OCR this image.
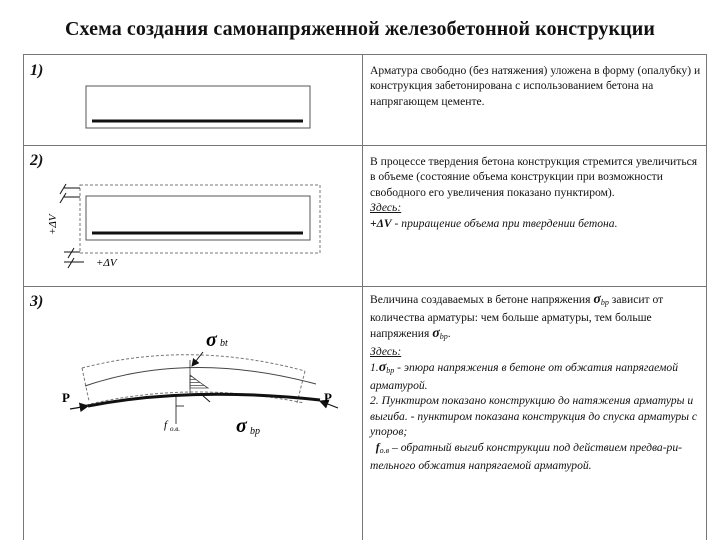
Схема создания самонапряженной железобетонной конструкции
1)	Арматура свободно (без натяжения) уложена в форму (опалубку) и конструкция забетонирована с использованием бетона на напрягающем цементе.
2)	В процессе твердения бетона конструкция стремится увеличиться в объеме (состояние объема конструкции при возможности свободного его увеличения показано пунктиром).

Здесь:

+ΔV - приращение объема при твердении бетона.

3)	Величина создаваемых в бетоне напряжения $\sigma_{bp}$ зависит от количества арматуры: чем больше арматуры, тем больше напряжения $\sigma_{bp}$.

Здесь:

$1.\sigma_{bp}$ - эпюра напряжения в бетоне от обжатия напрягаемой арматурой.

2. Пунктиром показано конструкцию до натяжения арматуры и выгиба. - пунктиром показана конструкция до спуска арматуры с упоров;

$f_{о.в}$ – обратный выгиб конструкции под действием предва-ри-тельного обжатия напрягаемой арматурой.

+ΔV
+ΔV
σ bt
σ bp
P	P
f о.в.
